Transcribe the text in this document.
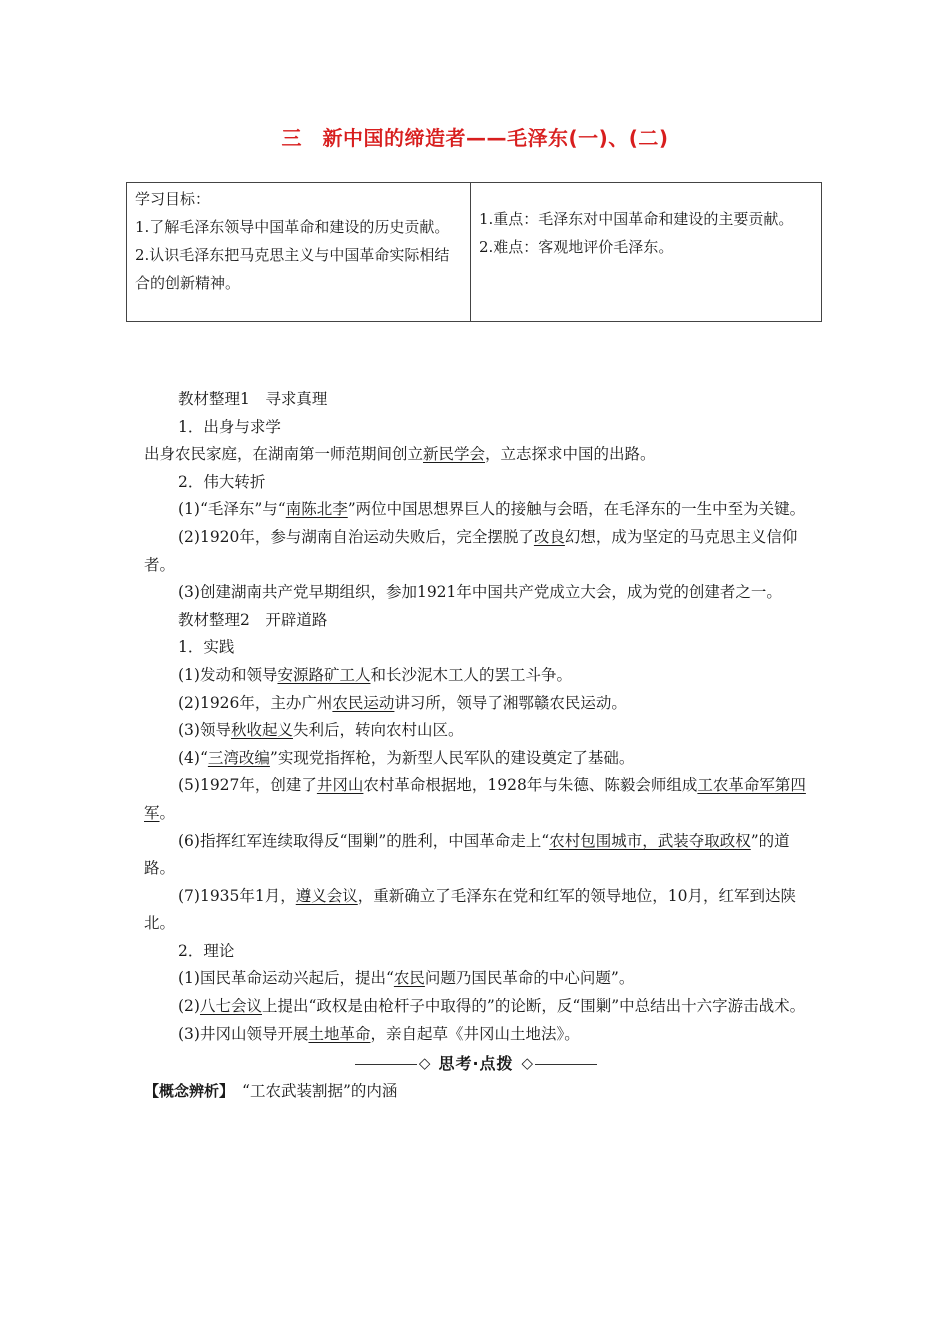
三　新中国的缔造者——毛泽东(一)、(二)
学习目标：
1.了解毛泽东领导中国革命和建设的历史贡献。
2.认识毛泽东把马克思主义与中国革命实际相结合的创新精神。
1.重点：毛泽东对中国革命和建设的主要贡献。
2.难点：客观地评价毛泽东。

教材整理1　寻求真理

1．出身与求学

出身农民家庭，在湖南第一师范期间创立新民学会，立志探求中国的出路。

2．伟大转折

(1)“毛泽东”与“南陈北李”两位中国思想界巨人的接触与会晤，在毛泽东的一生中至为关键。

(2)1920年，参与湖南自治运动失败后，完全摆脱了改良幻想，成为坚定的马克思主义信仰者。

(3)创建湖南共产党早期组织，参加1921年中国共产党成立大会，成为党的创建者之一。

教材整理2　开辟道路

1．实践

(1)发动和领导安源路矿工人和长沙泥木工人的罢工斗争。

(2)1926年，主办广州农民运动讲习所，领导了湘鄂赣农民运动。

(3)领导秋收起义失利后，转向农村山区。

(4)“三湾改编”实现党指挥枪，为新型人民军队的建设奠定了基础。

(5)1927年，创建了井冈山农村革命根据地，1928年与朱德、陈毅会师组成工农革命军第四军。

(6)指挥红军连续取得反“围剿”的胜利，中国革命走上“农村包围城市，武装夺取政权”的道路。

(7)1935年1月，遵义会议，重新确立了毛泽东在党和红军的领导地位，10月，红军到达陕北。

2．理论

(1)国民革命运动兴起后，提出“农民问题乃国民革命的中心问题”。

(2)八七会议上提出“政权是由枪杆子中取得的”的论断，反“围剿”中总结出十六字游击战术。

(3)井冈山领导开展土地革命，亲自起草《井冈山土地法》。

◇ 思考·点拨 ◇

【概念辨析】　 “工农武装割据”的内涵
